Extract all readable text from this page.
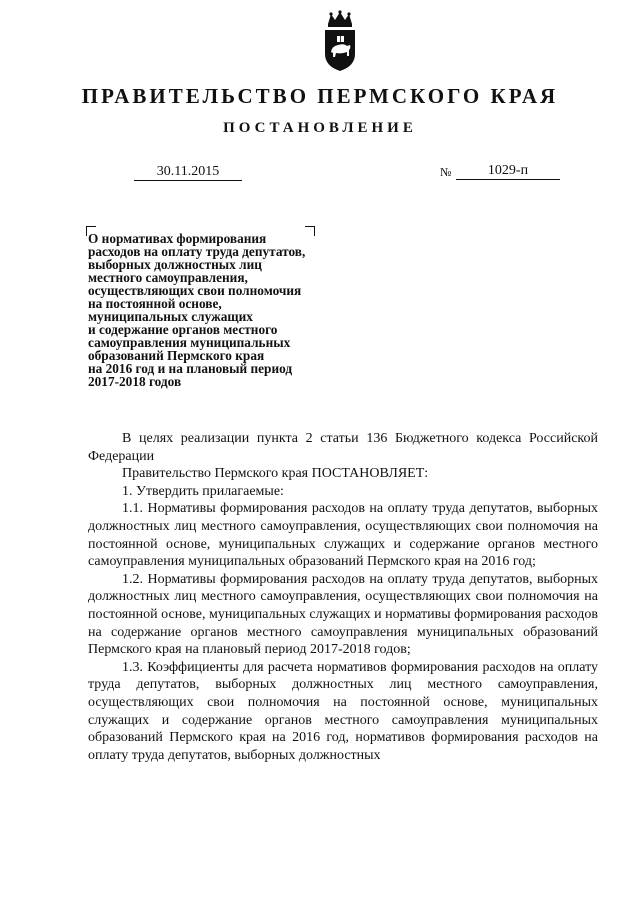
ПРАВИТЕЛЬСТВО ПЕРМСКОГО КРАЯ
ПОСТАНОВЛЕНИЕ
30.11.2015	№	1029-п
О нормативах формирования
расходов на оплату труда депутатов,
выборных должностных лиц
местного самоуправления,
осуществляющих свои полномочия
на постоянной основе,
муниципальных служащих
и содержание органов местного
самоуправления муниципальных
образований Пермского края
на 2016 год и на плановый период
2017-2018 годов

В целях реализации пункта 2 статьи 136 Бюджетного кодекса Российской Федерации

Правительство Пермского края ПОСТАНОВЛЯЕТ:

1. Утвердить прилагаемые:

1.1. Нормативы формирования расходов на оплату труда депутатов, выборных должностных лиц местного самоуправления, осуществляющих свои полномочия на постоянной основе, муниципальных служащих и содержание органов местного самоуправления муниципальных образований Пермского края на 2016 год;

1.2. Нормативы формирования расходов на оплату труда депутатов, выборных должностных лиц местного самоуправления, осуществляющих свои полномочия на постоянной основе, муниципальных служащих и нормативы формирования расходов на содержание органов местного самоуправления муниципальных образований Пермского края на плановый период 2017-2018 годов;

1.3. Коэффициенты для расчета нормативов формирования расходов на оплату труда депутатов, выборных должностных лиц местного самоуправления, осуществляющих свои полномочия на постоянной основе, муниципальных служащих и содержание органов местного самоуправления муниципальных образований Пермского края на 2016 год, нормативов формирования расходов на оплату труда депутатов, выборных должностных
